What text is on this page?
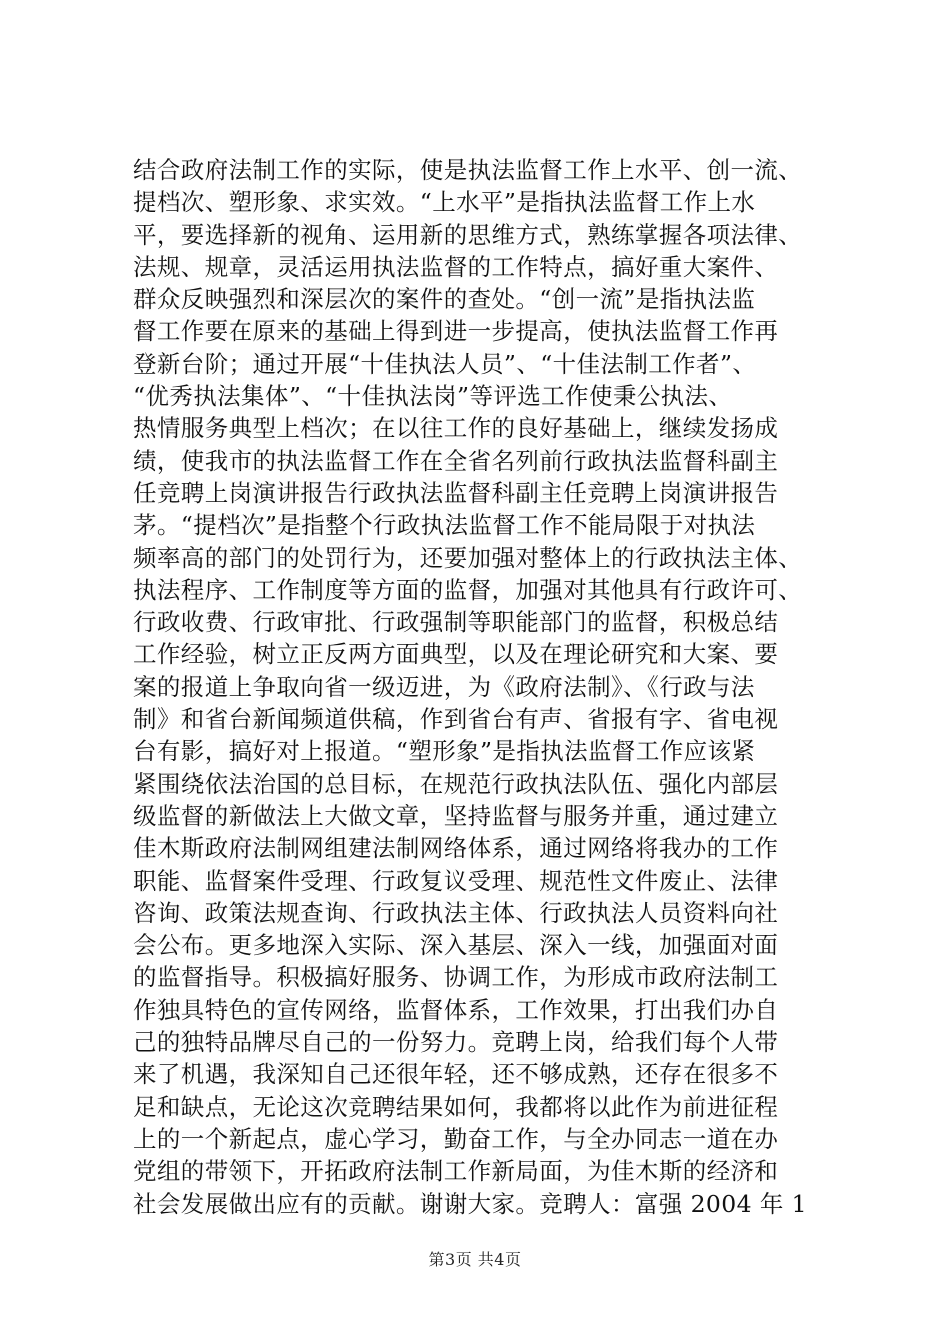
结合政府法制工作的实际，使是执法监督工作上水平、创一流、
提档次、塑形象、求实效。“上水平”是指执法监督工作上水
平，要选择新的视角、运用新的思维方式，熟练掌握各项法律、
法规、规章，灵活运用执法监督的工作特点，搞好重大案件、
群众反映强烈和深层次的案件的查处。“创一流”是指执法监
督工作要在原来的基础上得到进一步提高，使执法监督工作再
登新台阶；通过开展“十佳执法人员”、“十佳法制工作者”、
“优秀执法集体”、“十佳执法岗”等评选工作使秉公执法、
热情服务典型上档次；在以往工作的良好基础上，继续发扬成
绩，使我市的执法监督工作在全省名列前行政执法监督科副主
任竞聘上岗演讲报告行政执法监督科副主任竞聘上岗演讲报告
茅。“提档次”是指整个行政执法监督工作不能局限于对执法
频率高的部门的处罚行为，还要加强对整体上的行政执法主体、
执法程序、工作制度等方面的监督，加强对其他具有行政许可、
行政收费、行政审批、行政强制等职能部门的监督，积极总结
工作经验，树立正反两方面典型，以及在理论研究和大案、要
案的报道上争取向省一级迈进，为《政府法制》、《行政与法
制》和省台新闻频道供稿，作到省台有声、省报有字、省电视
台有影，搞好对上报道。“塑形象”是指执法监督工作应该紧
紧围绕依法治国的总目标，在规范行政执法队伍、强化内部层
级监督的新做法上大做文章，坚持监督与服务并重，通过建立
佳木斯政府法制网组建法制网络体系，通过网络将我办的工作
职能、监督案件受理、行政复议受理、规范性文件废止、法律
咨询、政策法规查询、行政执法主体、行政执法人员资料向社
会公布。更多地深入实际、深入基层、深入一线，加强面对面
的监督指导。积极搞好服务、协调工作，为形成市政府法制工
作独具特色的宣传网络，监督体系，工作效果，打出我们办自
己的独特品牌尽自己的一份努力。竞聘上岗，给我们每个人带
来了机遇，我深知自己还很年轻，还不够成熟，还存在很多不
足和缺点，无论这次竞聘结果如何，我都将以此作为前进征程
上的一个新起点，虚心学习，勤奋工作，与全办同志一道在办
党组的带领下，开拓政府法制工作新局面，为佳木斯的经济和
社会发展做出应有的贡献。谢谢大家。竞聘人：富强 2004 年 1
第3页 共4页
